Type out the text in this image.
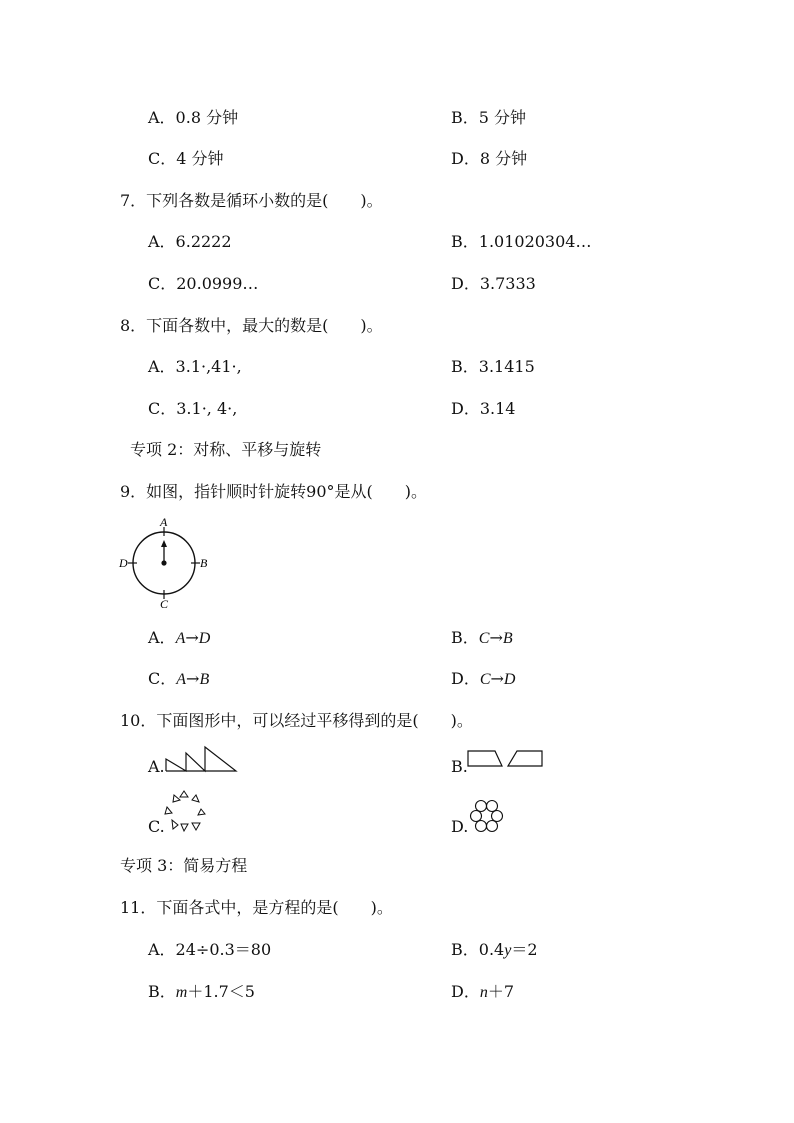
A．0.8 分钟	B．5 分钟
C．4 分钟	D．8 分钟
7．下列各数是循环小数的是(　　)。
A．6.2222	B．1.01020304…
C．20.0999…	D．3.7333
8．下面各数中，最大的数是(　　)。
A．3.1·,41·,	B．3.1415
C．3.1·, 4·,	D．3.14
专项 2：对称、平移与旋转
9．如图，指针顺时针旋转90°是从(　　)。
A
D	B
C
A．A→D	B．C→B
C．A→B	D．C→D
10．下面图形中，可以经过平移得到的是(　　)。
A.	B.
C.	D.
专项 3：简易方程
11．下面各式中，是方程的是(　　)。
A．24÷0.3＝80	B．0.4y＝2
B．m＋1.7＜5	D．n＋7
